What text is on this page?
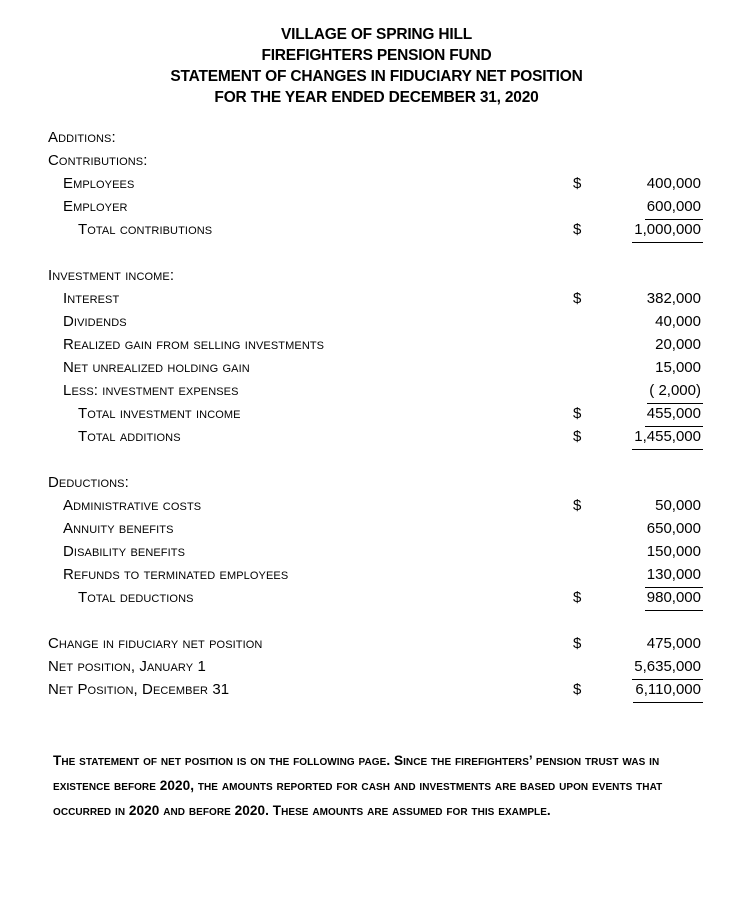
VILLAGE OF SPRING HILL
FIREFIGHTERS PENSION FUND
STATEMENT OF CHANGES IN FIDUCIARY NET POSITION
FOR THE YEAR ENDED DECEMBER 31, 2020
Additions:
Contributions:
Employees	$	400,000
Employer	600,000
Total contributions	$	1,000,000
Investment income:
Interest	$	382,000
Dividends	40,000
Realized gain from selling investments	20,000
Net unrealized holding gain	15,000
Less: investment expenses	( 2,000)
Total investment income	$	455,000
Total additions	$	1,455,000
Deductions:
Administrative costs	$	50,000
Annuity benefits	650,000
Disability benefits	150,000
Refunds to terminated employees	130,000
Total deductions	$	980,000
Change in fiduciary net position	$	475,000
Net position, January 1	5,635,000
Net Position, December 31	$	6,110,000
The statement of net position is on the following page. Since the firefighters’ pension trust was in existence before 2020, the amounts reported for cash and investments are based upon events that occurred in 2020 and before 2020. These amounts are assumed for this example.
